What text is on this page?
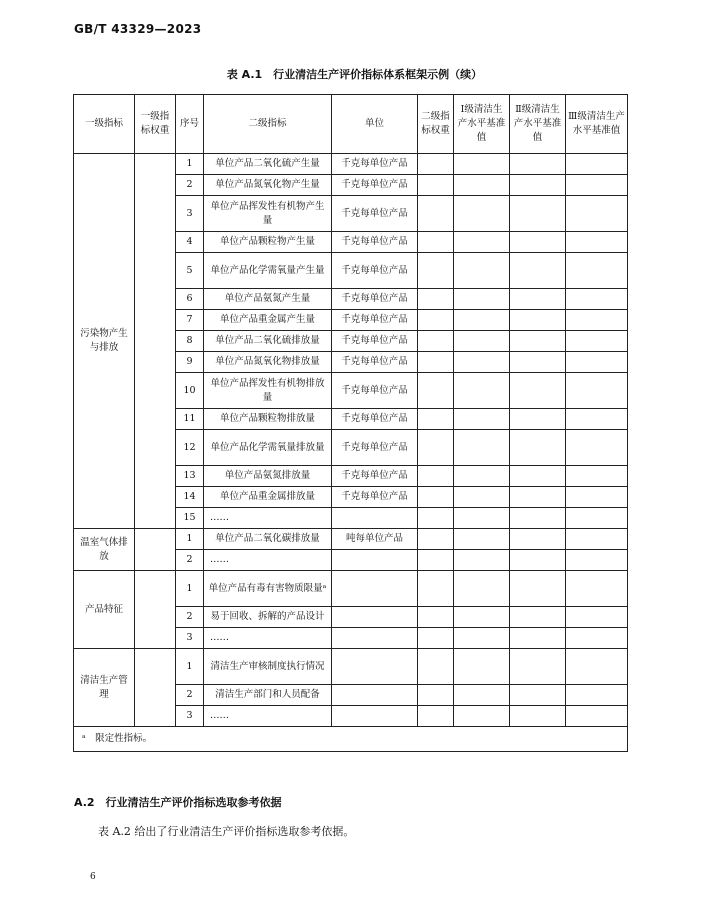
GB/T 43329—2023
表 A.1　行业清洁生产评价指标体系框架示例（续）
一级指标	一级指标权重	序号	二级指标	单位	二级指标权重	Ⅰ级清洁生产水平基准值	Ⅱ级清洁生产水平基准值	Ⅲ级清洁生产水平基准值
污染物产生与排放		1	单位产品二氧化硫产生量	千克每单位产品				
		2	单位产品氮氧化物产生量	千克每单位产品				
		3	单位产品挥发性有机物产生量	千克每单位产品				
		4	单位产品颗粒物产生量	千克每单位产品				
		5	单位产品化学需氧量产生量	千克每单位产品				
		6	单位产品氨氮产生量	千克每单位产品				
		7	单位产品重金属产生量	千克每单位产品				
		8	单位产品二氧化硫排放量	千克每单位产品				
		9	单位产品氮氧化物排放量	千克每单位产品				
		10	单位产品挥发性有机物排放量	千克每单位产品				
		11	单位产品颗粒物排放量	千克每单位产品				
		12	单位产品化学需氧量排放量	千克每单位产品				
		13	单位产品氨氮排放量	千克每单位产品				
		14	单位产品重金属排放量	千克每单位产品				
		15	……					
温室气体排放		1	单位产品二氧化碳排放量	吨每单位产品				
		2	……					
产品特征		1	单位产品有毒有害物质限量ᵃ					
		2	易于回收、拆解的产品设计					
		3	……					
清洁生产管理		1	清洁生产审核制度执行情况					
		2	清洁生产部门和人员配备					
		3	……					
ᵃ　限定性指标。								
A.2　行业清洁生产评价指标选取参考依据
表 A.2 给出了行业清洁生产评价指标选取参考依据。
6
